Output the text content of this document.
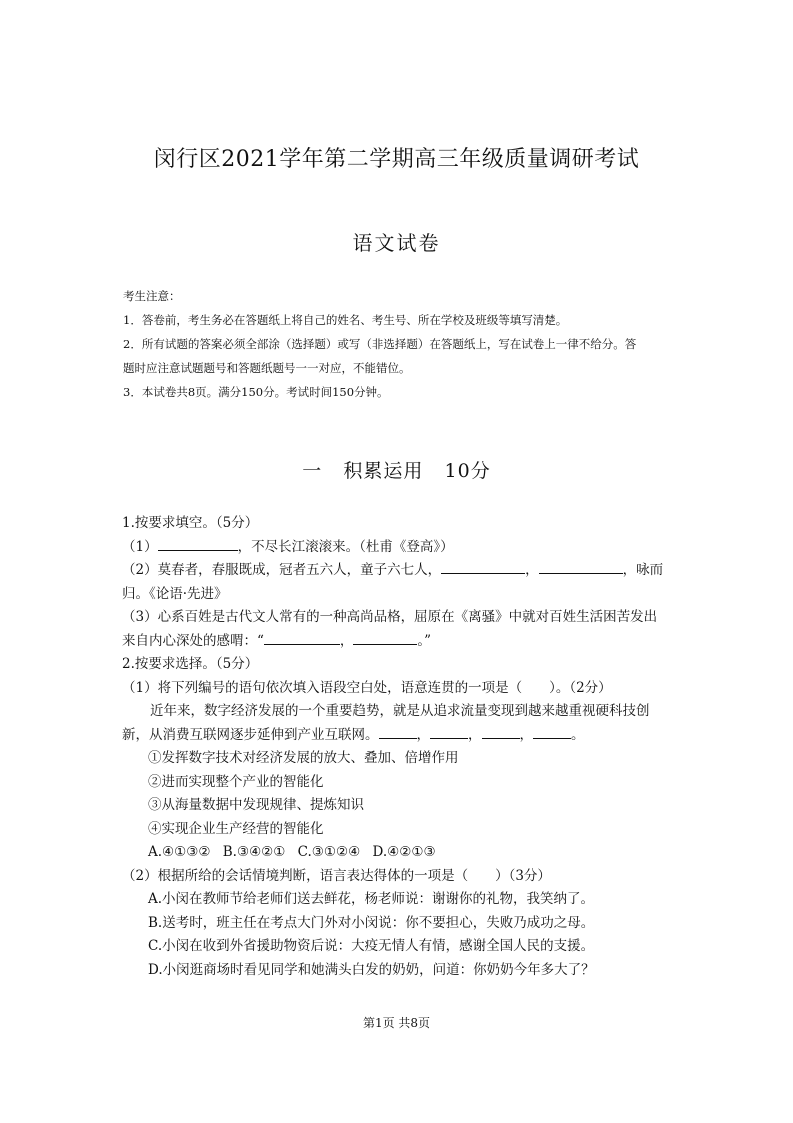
闵行区2021学年第二学期高三年级质量调研考试
语文试卷
考生注意：
1．答卷前，考生务必在答题纸上将自己的姓名、考生号、所在学校及班级等填写清楚。
2．所有试题的答案必须全部涂（选择题）或写（非选择题）在答题纸上，写在试卷上一律不给分。答
题时应注意试题题号和答题纸题号一一对应，不能错位。
3．本试卷共8页。满分150分。考试时间150分钟。
一   积累运用   10分
1.按要求填空。（5分）
（1）	，不尽长江滚滚来。（杜甫《登高》）
（2）莫春者，春服既成，冠者五六人，童子六七人，	，	，咏而
归。《论语·先进》
（3）心系百姓是古代文人常有的一种高尚品格，屈原在《离骚》中就对百姓生活困苦发出
来自内心深处的感喟：“	，	。”
2.按要求选择。（5分）
（1）将下列编号的语句依次填入语段空白处，语意连贯的一项是（　　）。（2分）
近年来，数字经济发展的一个重要趋势，就是从追求流量变现到越来越重视硬科技创
新，从消费互联网逐步延伸到产业互联网。	，	，	，	。
①发挥数字技术对经济发展的放大、叠加、倍增作用
②进而实现整个产业的智能化
③从海量数据中发现规律、提炼知识
④实现企业生产经营的智能化
A.④①③② B.③④②① C.③①②④ D.④②①③
（2）根据所给的会话情境判断，语言表达得体的一项是（　　）（3分）
A.小闵在教师节给老师们送去鲜花，杨老师说：谢谢你的礼物，我笑纳了。
B.送考时，班主任在考点大门外对小闵说：你不要担心，失败乃成功之母。
C.小闵在收到外省援助物资后说：大疫无情人有情，感谢全国人民的支援。
D.小闵逛商场时看见同学和她满头白发的奶奶，问道：你奶奶今年多大了？
第1页 共8页
